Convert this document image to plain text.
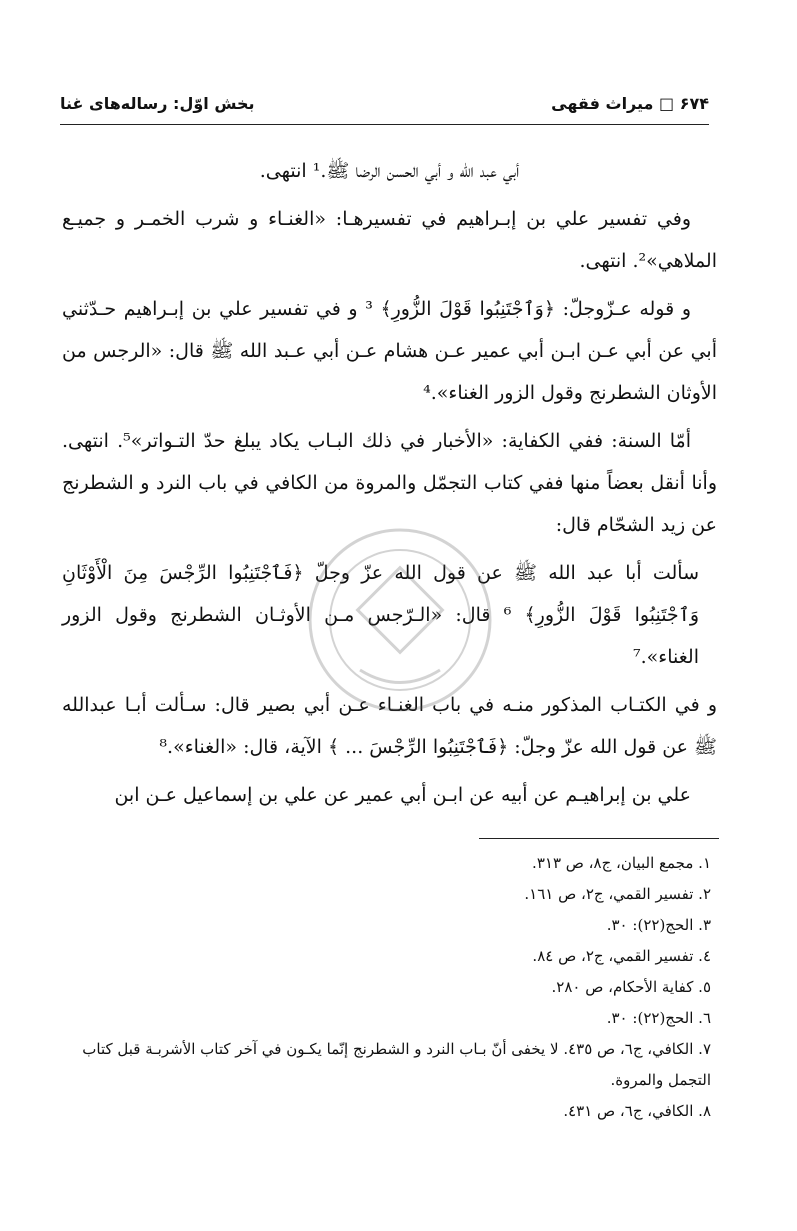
۶۷۴ □ میراث فقهی
بخش اوّل: رسالەهای غنا

أبي عبد الله و أبي الحسن الرضا ﷺ.¹ انتهى.

وفي تفسير علي بن إبـراهيم في تفسيرهـا: «الغنـاء و شرب الخمـر و جميـع الملاهي»². انتهى.

و قوله عـزّوجلّ: ﴿وَٱجْتَنِبُوا قَوْلَ الزُّورِ﴾ ³ و في تفسير علي بن إبـراهيم حـدّثني أبي عن أبي عـن ابـن أبي عمير عـن هشام عـن أبي عـبد الله ﷺ قال: «الرجس من الأوثان الشطرنج وقول الزور الغناء».⁴

أمّا السنة: ففي الكفاية: «الأخبار في ذلك البـاب يكاد يبلغ حدّ التـواتر»⁵. انتهى. وأنا أنقل بعضاً منها ففي كتاب التجمّل والمروة من الكافي في باب النرد و الشطرنج عن زيد الشحّام قال:

سألت أبا عبد الله ﷺ عن قول الله عزّ وجلّ ﴿فَٱجْتَنِبُوا الرِّجْسَ مِنَ الْأَوْثَانِ وَٱجْتَنِبُوا قَوْلَ الزُّورِ﴾ ⁶ قال: «الـرّجس مـن الأوثـان الشطرنج وقول الزور الغناء».⁷

و في الكتـاب المذكور منـه في باب الغنـاء عـن أبي بصير قال: سـألت أبـا عبدالله ﷺ عن قول الله عزّ وجلّ: ﴿فَٱجْتَنِبُوا الرِّجْسَ ... ﴾ الآية، قال: «الغناء».⁸

علي بن إبراهيـم عن أبيه عن ابـن أبي عمير عن علي بن إسماعيل عـن ابن

١. مجمع البيان، ج٨، ص ٣١٣.

٢. تفسير القمي، ج٢، ص ١٦١.

٣. الحج(٢٢): ٣٠.

٤. تفسير القمي، ج٢، ص ٨٤.

٥. كفاية الأحكام، ص ٢٨٠.

٦. الحج(٢٢): ٣٠.

٧. الكافي، ج٦، ص ٤٣٥. لا يخفى أنّ بـاب النرد و الشطرنج إنّما يكـون في آخر كتاب الأشربـة قبل كتاب التجمل والمروة.

٨. الكافي، ج٦، ص ٤٣١.
